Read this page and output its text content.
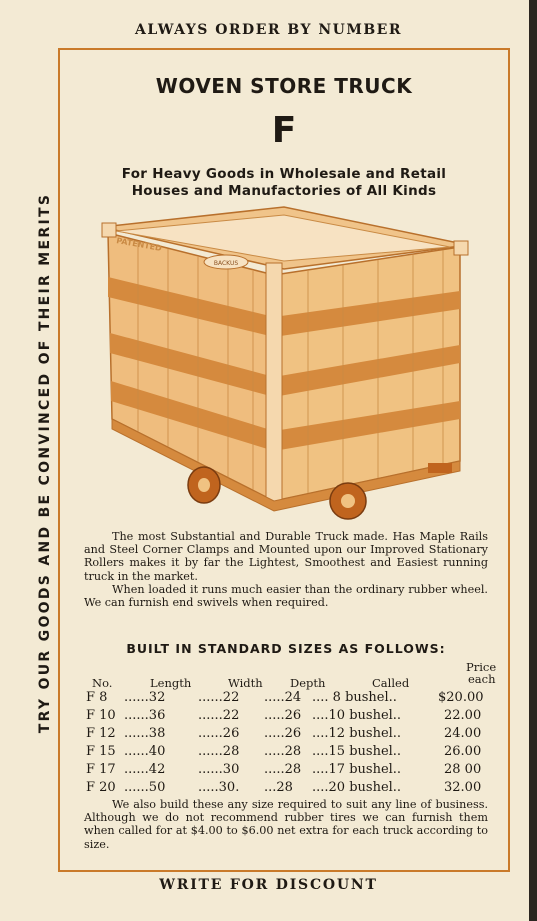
ALWAYS ORDER BY NUMBER
TRY OUR GOODS AND BE CONVINCED OF THEIR MERITS
WOVEN STORE TRUCK
F
For Heavy Goods in Wholesale and Retail
Houses and Manufactories of All Kinds
BACKUS
PATENTED

The most Substantial and Durable Truck made. Has Maple Rails and Steel Corner Clamps and Mounted upon our Improved Stationary Rollers makes it by far the Lightest, Smoothest and Easiest running truck in the market.

When loaded it runs much easier than the ordinary rubber wheel. We can furnish end swivels when required.

BUILT IN STANDARD SIZES AS FOLLOWS:
Price
each
No.	Length	Width Depth	Called
F 8 ......32	......22 .....24 .... 8 bushel..	$20.00
F 10 ......36	......22 .....26 ....10 bushel..	22.00
F 12 ......38	......26 .....26 ....12 bushel..	24.00
F 15 ......40	......28 .....28 ....15 bushel..	26.00
F 17 ......42	......30 .....28 ....17 bushel..	28 00
F 20 ......50	.....30. ...28 ....20 bushel..	32.00

We also build these any size required to suit any line of business. Although we do not recommend rubber tires we can furnish them when called for at $4.00 to $6.00 net extra for each truck according to size.

WRITE FOR DISCOUNT
